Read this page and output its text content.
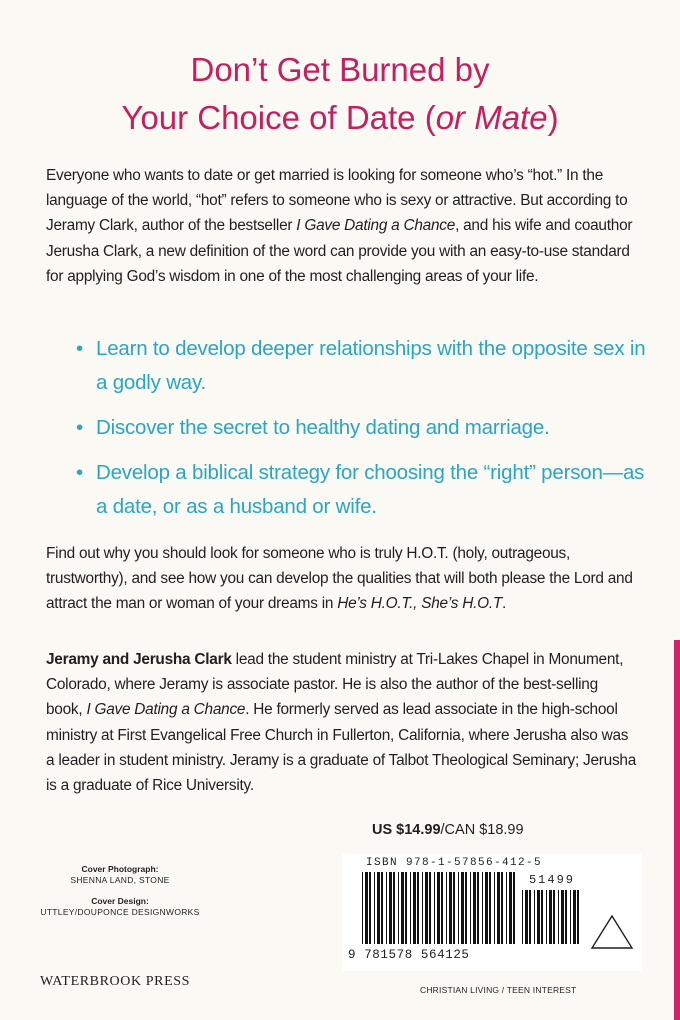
Don’t Get Burned by
Your Choice of Date (or Mate)

Everyone who wants to date or get married is looking for someone who’s “hot.” In the language of the world, “hot” refers to someone who is sexy or attractive. But according to Jeramy Clark, author of the bestseller I Gave Dating a Chance, and his wife and coauthor Jerusha Clark, a new definition of the word can provide you with an easy-to-use standard for applying God’s wisdom in one of the most challenging areas of your life.

• Learn to develop deeper relationships with the opposite sex in a godly way.
• Discover the secret to healthy dating and marriage.
• Develop a biblical strategy for choosing the “right” person—as a date, or as a husband or wife.

Find out why you should look for someone who is truly H.O.T. (holy, outrageous, trustworthy), and see how you can develop the qualities that will both please the Lord and attract the man or woman of your dreams in He’s H.O.T., She’s H.O.T.

Jeramy and Jerusha Clark lead the student ministry at Tri-Lakes Chapel in Monument, Colorado, where Jeramy is associate pastor. He is also the author of the best-selling book, I Gave Dating a Chance. He formerly served as lead associate in the high-school ministry at First Evangelical Free Church in Fullerton, California, where Jerusha also was a leader in student ministry. Jeramy is a graduate of Talbot Theological Seminary; Jerusha is a graduate of Rice University.

US $14.99/CAN $18.99
Cover Photograph:
SHENNA LAND, STONE
Cover Design:
UTTLEY/DOUPONCE DESIGNWORKS
WATERBROOK PRESS
ISBN 978-1-57856-412-5
51499
9 781578 564125
CHRISTIAN LIVING / TEEN INTEREST
